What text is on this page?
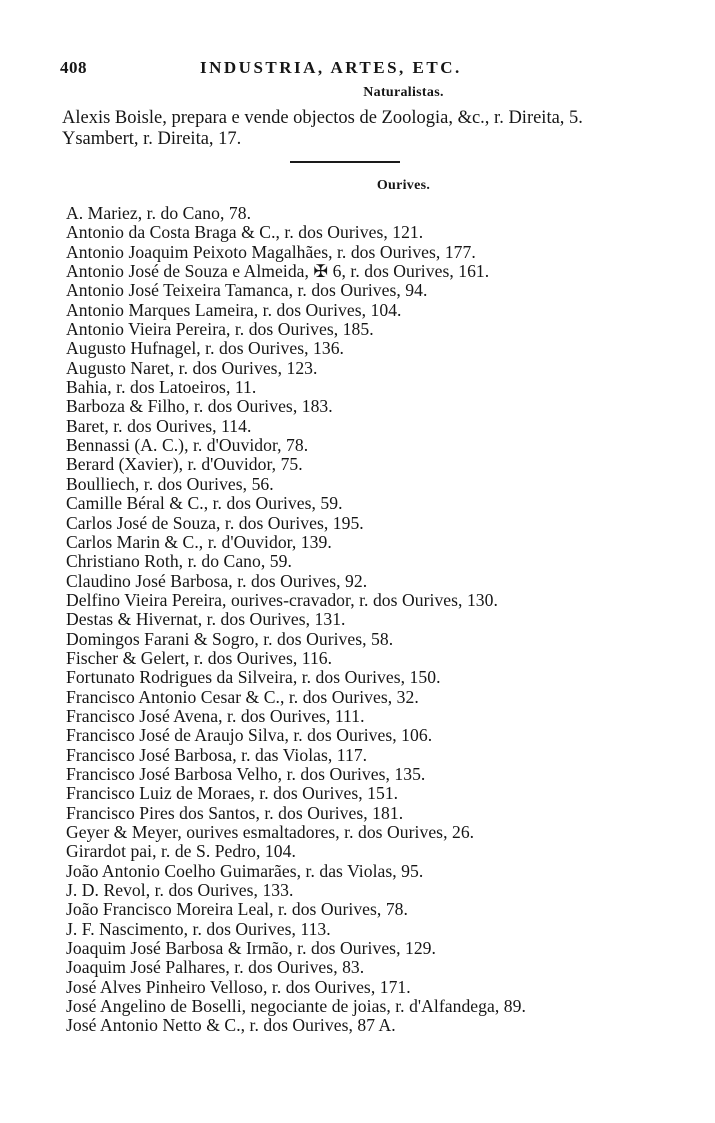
408	INDUSTRIA, ARTES, ETC.
Naturalistas.
Alexis Boisle, prepara e vende objectos de Zoologia, &c., r. Direita, 5.
Ysambert, r. Direita, 17.
Ourives.
A. Mariez, r. do Cano, 78.
Antonio da Costa Braga & C., r. dos Ourives, 121.
Antonio Joaquim Peixoto Magalhães, r. dos Ourives, 177.
Antonio José de Souza e Almeida, ✠ 6, r. dos Ourives, 161.
Antonio José Teixeira Tamanca, r. dos Ourives, 94.
Antonio Marques Lameira, r. dos Ourives, 104.
Antonio Vieira Pereira, r. dos Ourives, 185.
Augusto Hufnagel, r. dos Ourives, 136.
Augusto Naret, r. dos Ourives, 123.
Bahia, r. dos Latoeiros, 11.
Barboza & Filho, r. dos Ourives, 183.
Baret, r. dos Ourives, 114.
Bennassi (A. C.), r. d'Ouvidor, 78.
Berard (Xavier), r. d'Ouvidor, 75.
Boulliech, r. dos Ourives, 56.
Camille Béral & C., r. dos Ourives, 59.
Carlos José de Souza, r. dos Ourives, 195.
Carlos Marin & C., r. d'Ouvidor, 139.
Christiano Roth, r. do Cano, 59.
Claudino José Barbosa, r. dos Ourives, 92.
Delfino Vieira Pereira, ourives-cravador, r. dos Ourives, 130.
Destas & Hivernat, r. dos Ourives, 131.
Domingos Farani & Sogro, r. dos Ourives, 58.
Fischer & Gelert, r. dos Ourives, 116.
Fortunato Rodrigues da Silveira, r. dos Ourives, 150.
Francisco Antonio Cesar & C., r. dos Ourives, 32.
Francisco José Avena, r. dos Ourives, 111.
Francisco José de Araujo Silva, r. dos Ourives, 106.
Francisco José Barbosa, r. das Violas, 117.
Francisco José Barbosa Velho, r. dos Ourives, 135.
Francisco Luiz de Moraes, r. dos Ourives, 151.
Francisco Pires dos Santos, r. dos Ourives, 181.
Geyer & Meyer, ourives esmaltadores, r. dos Ourives, 26.
Girardot pai, r. de S. Pedro, 104.
João Antonio Coelho Guimarães, r. das Violas, 95.
J. D. Revol, r. dos Ourives, 133.
João Francisco Moreira Leal, r. dos Ourives, 78.
J. F. Nascimento, r. dos Ourives, 113.
Joaquim José Barbosa & Irmão, r. dos Ourives, 129.
Joaquim José Palhares, r. dos Ourives, 83.
José Alves Pinheiro Velloso, r. dos Ourives, 171.
José Angelino de Boselli, negociante de joias, r. d'Alfandega, 89.
José Antonio Netto & C., r. dos Ourives, 87 A.
